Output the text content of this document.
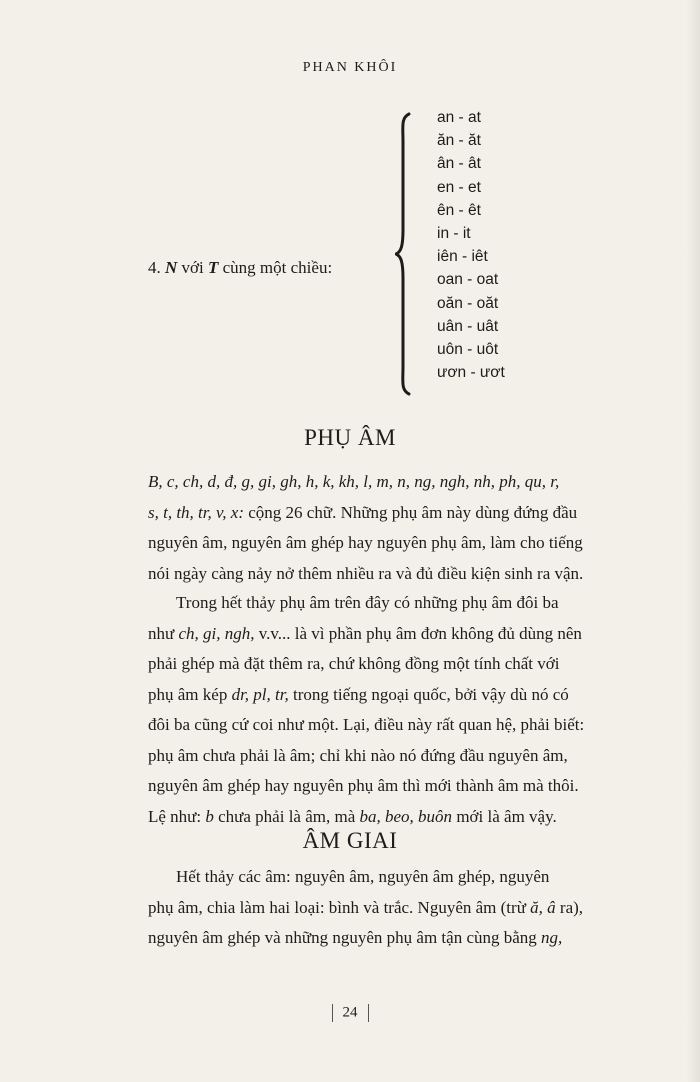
PHAN KHÔI
4. N với T cùng một chiều:
an - at
ăn - ăt
ân - ât
en - et
ên - êt
in - it
iên - iêt
oan - oat
oăn - oăt
uân - uât
uôn - uôt
ươn - ươt
PHỤ ÂM

B, c, ch, d, đ, g, gi, gh, h, k, kh, l, m, n, ng, ngh, nh, ph, qu, r,
s, t, th, tr, v, x: cộng 26 chữ. Những phụ âm này dùng đứng đầu
nguyên âm, nguyên âm ghép hay nguyên phụ âm, làm cho tiếng
nói ngày càng nảy nở thêm nhiều ra và đủ điều kiện sinh ra vận.

Trong hết thảy phụ âm trên đây có những phụ âm đôi ba
như ch, gi, ngh, v.v... là vì phần phụ âm đơn không đủ dùng nên
phải ghép mà đặt thêm ra, chứ không đồng một tính chất với
phụ âm kép dr, pl, tr, trong tiếng ngoại quốc, bởi vậy dù nó có
đôi ba cũng cứ coi như một. Lại, điều này rất quan hệ, phải biết:
phụ âm chưa phải là âm; chỉ khi nào nó đứng đầu nguyên âm,
nguyên âm ghép hay nguyên phụ âm thì mới thành âm mà thôi.
Lệ như: b chưa phải là âm, mà ba, beo, buôn mới là âm vậy.

ÂM GIAI

Hết thảy các âm: nguyên âm, nguyên âm ghép, nguyên
phụ âm, chia làm hai loại: bình và trắc. Nguyên âm (trừ ă, â ra),
nguyên âm ghép và những nguyên phụ âm tận cùng bằng ng,

24
